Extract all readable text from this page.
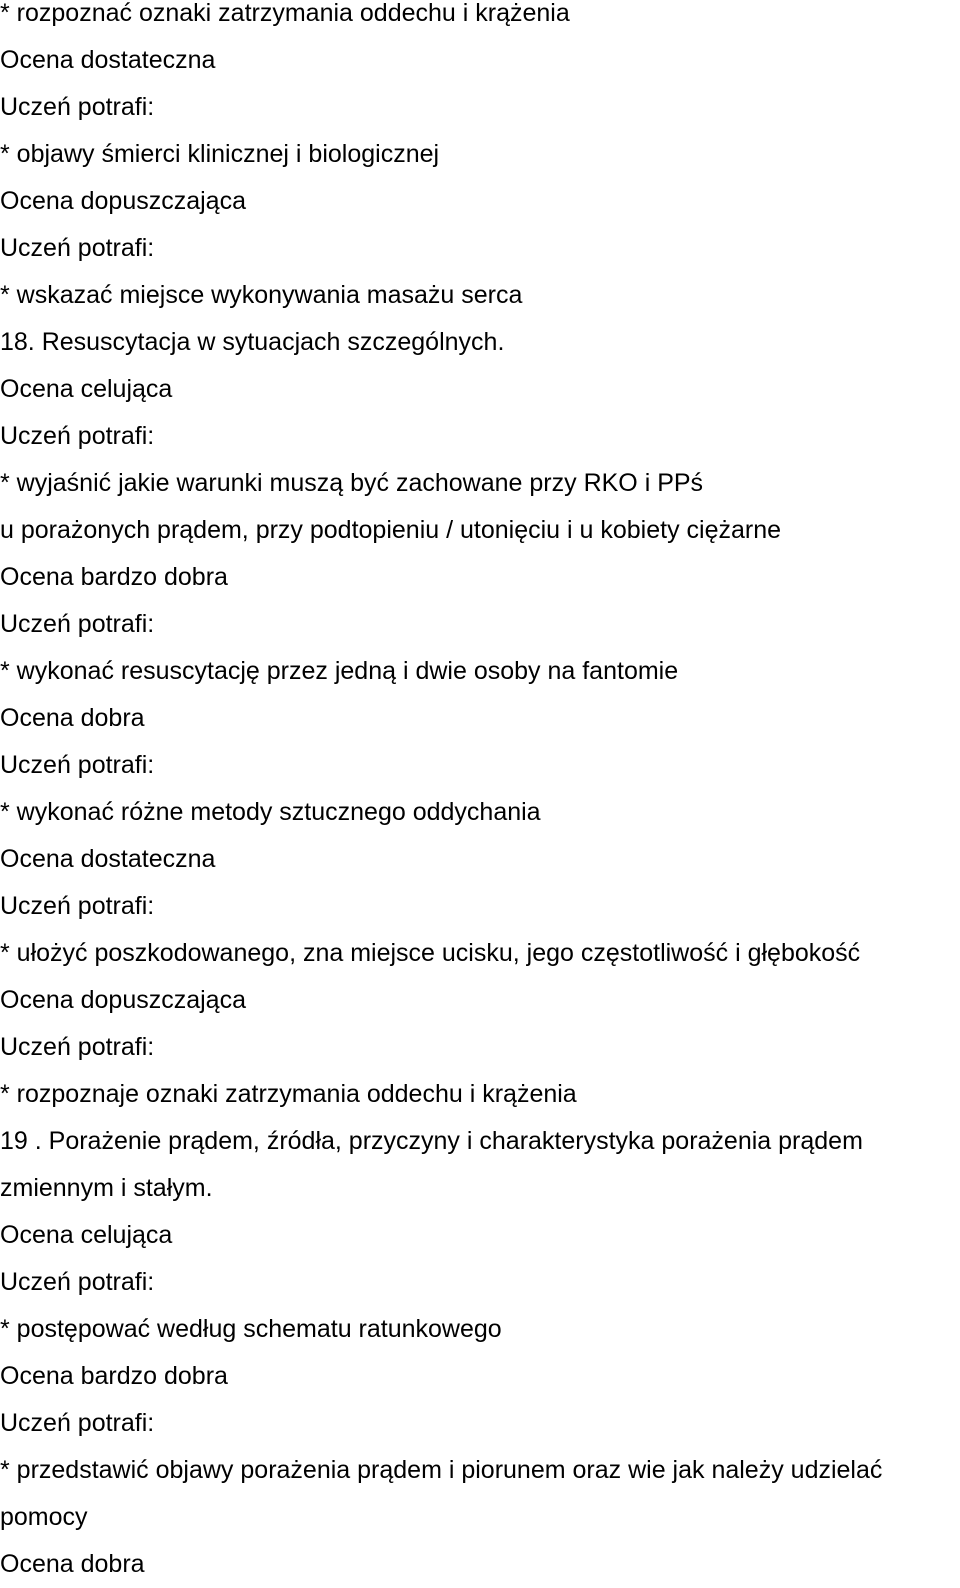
* rozpoznać oznaki zatrzymania oddechu i krążenia
Ocena dostateczna
Uczeń potrafi:
* objawy śmierci klinicznej i biologicznej
Ocena dopuszczająca
Uczeń potrafi:
* wskazać miejsce wykonywania masażu serca
18. Resuscytacja w sytuacjach szczególnych.
Ocena celująca
Uczeń potrafi:
* wyjaśnić jakie warunki muszą być zachowane przy RKO i PPś
u porażonych prądem, przy podtopieniu / utonięciu i u kobiety ciężarne
Ocena bardzo dobra
Uczeń potrafi:
* wykonać resuscytację przez jedną i dwie osoby na fantomie
Ocena dobra
Uczeń potrafi:
* wykonać różne metody sztucznego oddychania
Ocena dostateczna
Uczeń potrafi:
* ułożyć poszkodowanego, zna miejsce ucisku, jego częstotliwość i głębokość
Ocena dopuszczająca
Uczeń potrafi:
* rozpoznaje oznaki zatrzymania oddechu i krążenia
19 . Porażenie prądem, źródła, przyczyny i charakterystyka porażenia prądem
zmiennym i stałym.
Ocena celująca
Uczeń potrafi:
* postępować według schematu ratunkowego
Ocena bardzo dobra
Uczeń potrafi:
* przedstawić objawy porażenia prądem i piorunem oraz wie jak należy udzielać
pomocy
Ocena dobra
